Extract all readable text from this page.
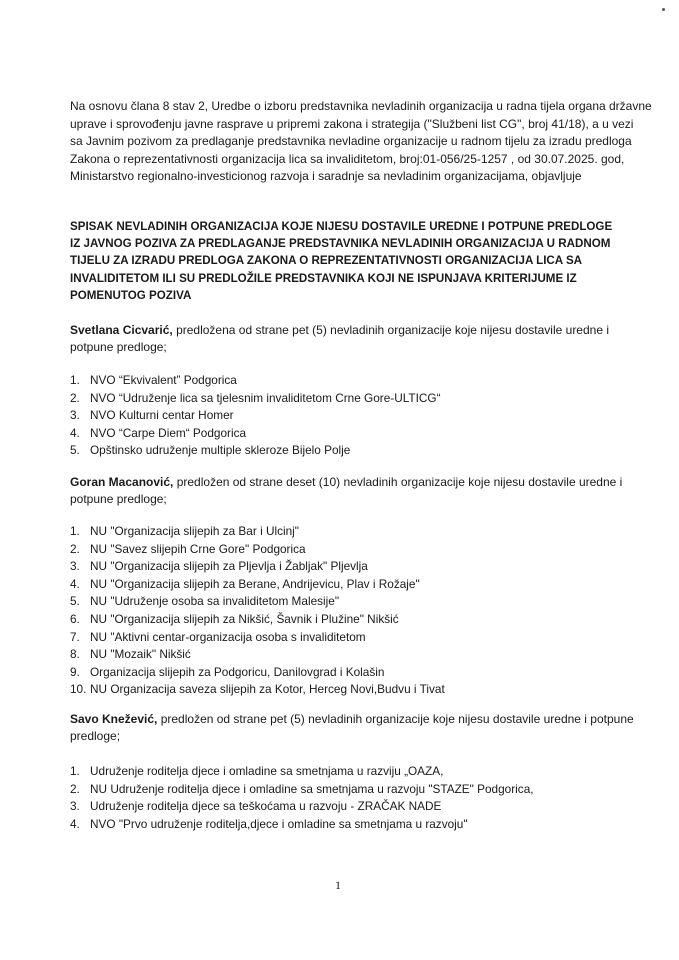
Na osnovu člana 8 stav 2, Uredbe o izboru predstavnika nevladinih organizacija u radna tijela organa državne
uprave i sprovođenju javne rasprave u pripremi zakona i strategija ("Službeni list CG", broj 41/18), a u vezi
sa Javnim pozivom za predlaganje predstavnika nevladine organizacije u radnom tijelu za izradu predloga
Zakona o reprezentativnosti organizacija lica sa invaliditetom, broj:01-056/25-1257 , od 30.07.2025. god,
Ministarstvo regionalno-investicionog razvoja i saradnje sa nevladinim organizacijama, objavljuje
SPISAK NEVLADINIH ORGANIZACIJA KOJE NIJESU DOSTAVILE UREDNE I POTPUNE PREDLOGE
IZ JAVNOG POZIVA ZA PREDLAGANJE PREDSTAVNIKA NEVLADINIH ORGANIZACIJA U RADNOM
TIJELU ZA IZRADU PREDLOGA ZAKONA O REPREZENTATIVNOSTI ORGANIZACIJA LICA SA
INVALIDITETOM ILI SU PREDLOŽILE PREDSTAVNIKA KOJI NE ISPUNJAVA KRITERIJUME IZ
POMENUTOG POZIVA
Svetlana Cicvarić, predložena od strane pet (5) nevladinih organizacije koje nijesu dostavile uredne i potpune predloge;
1. NVO “Ekvivalent” Podgorica
2. NVO “Udruženje lica sa tjelesnim invaliditetom Crne Gore-ULTICG“
3. NVO Kulturni centar Homer
4. NVO “Carpe Diem“ Podgorica
5. Opštinsko udruženje multiple skleroze Bijelo Polje
Goran Macanović, predložen od strane deset (10) nevladinih organizacije koje nijesu dostavile uredne i potpune predloge;
1. NU "Organizacija slijepih za Bar i Ulcinj"
2. NU "Savez slijepih Crne Gore" Podgorica
3. NU "Organizacija slijepih za Pljevlja i Žabljak" Pljevlja
4. NU "Organizacija slijepih za Berane, Andrijevicu, Plav i Rožaje"
5. NU "Udruženje osoba sa invaliditetom Malesije"
6. NU "Organizacija slijepih za Nikšić, Šavnik i Plužine" Nikšić
7. NU "Aktivni centar-organizacija osoba s invaliditetom
8. NU "Mozaik" Nikšić
9. Organizacija slijepih za Podgoricu, Danilovgrad i Kolašin
10. NU Organizacija saveza slijepih za Kotor, Herceg Novi,Budvu i Tivat
Savo Knežević, predložen od strane pet (5) nevladinih organizacije koje nijesu dostavile uredne i potpune predloge;
1. Udruženje roditelja djece i omladine sa smetnjama u razviju „OAZA,
2. NU Udruženje roditelja djece i omladine sa smetnjama u razvoju "STAZE" Podgorica,
3. Udruženje roditelja djece sa teškoćama u razvoju - ZRAČAK NADE
4. NVO "Prvo udruženje roditelja,djece i omladine sa smetnjama u razvoju"
1
